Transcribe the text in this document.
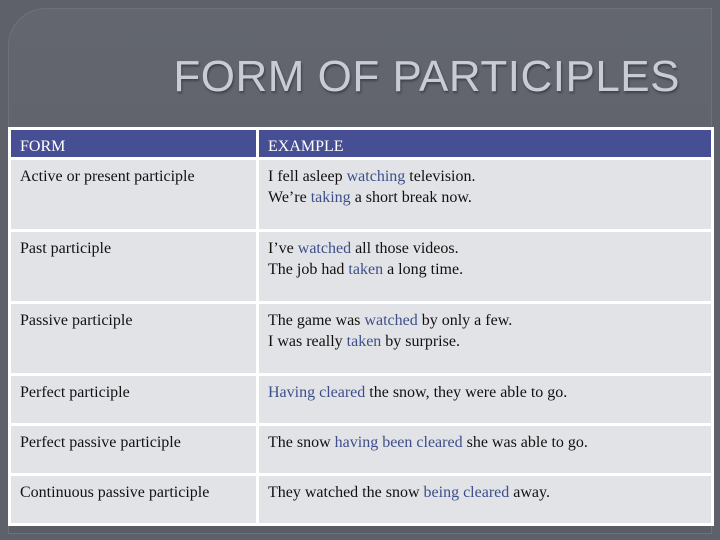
FORM OF PARTICIPLES
FORM	EXAMPLE
Active or present participle	I fell asleep watching television.
We’re taking a short break now.

Past participle	I’ve watched all those videos.
The job had taken a long time.

Passive participle	The game was watched by only a few.
I was really taken by surprise.

Perfect participle	Having cleared the snow, they were able to go.

Perfect passive participle	The snow having been cleared she was able to go.

Continuous passive participle	They watched the snow being cleared away.
